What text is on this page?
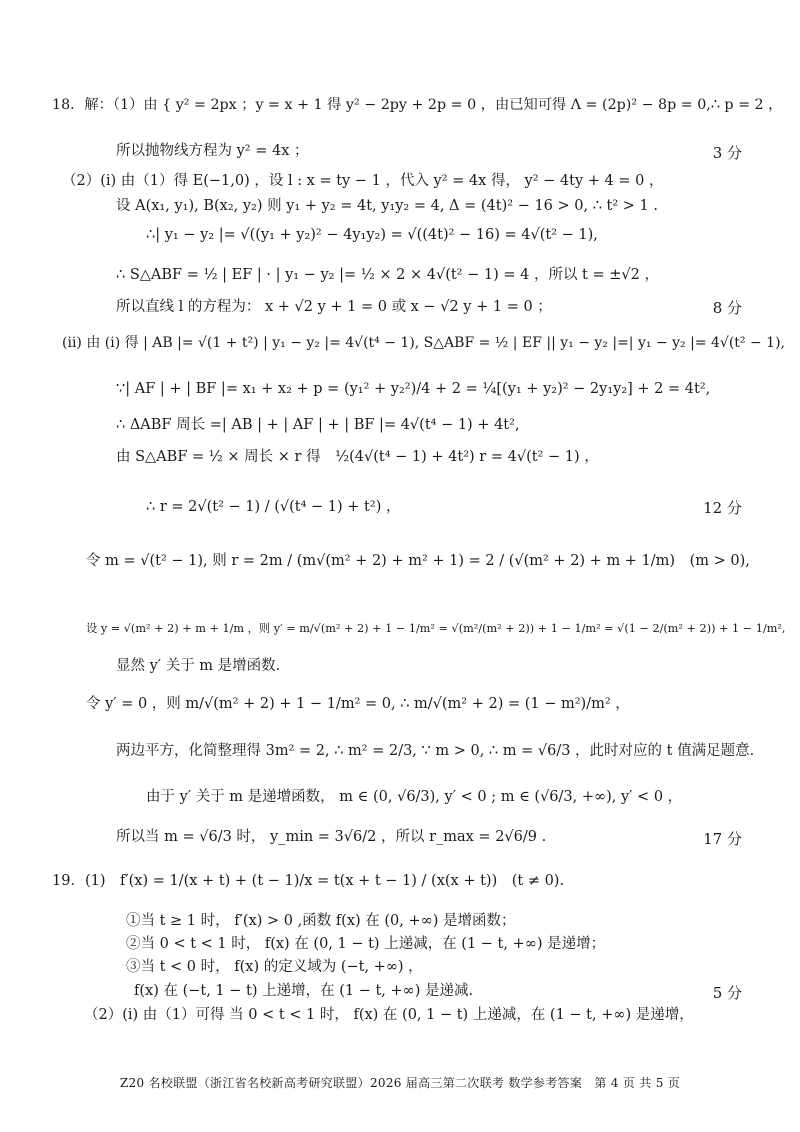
18．解：（1）由 { y² = 2px ；y = x + 1 得 y² − 2py + 2p = 0 ，由已知可得 Λ = (2p)² − 8p = 0,∴ p = 2 ，
所以抛物线方程为 y² = 4x ；	3 分
（2）(ⅰ) 由（1）得 E(−1,0) ，设 l : x = ty − 1 ，代入 y² = 4x 得， y² − 4ty + 4 = 0 ，
设 A(x₁, y₁), B(x₂, y₂) 则 y₁ + y₂ = 4t, y₁y₂ = 4, Δ = (4t)² − 16 > 0, ∴ t² > 1 .
∴| y₁ − y₂ |= √((y₁ + y₂)² − 4y₁y₂) = √((4t)² − 16) = 4√(t² − 1),
∴ S△ABF = ½ | EF | · | y₁ − y₂ |= ½ × 2 × 4√(t² − 1) = 4 ，所以 t = ±√2 ，
所以直线 l 的方程为： x + √2 y + 1 = 0 或 x − √2 y + 1 = 0 ；	8 分
(ⅱ) 由 (ⅰ) 得 | AB |= √(1 + t²) | y₁ − y₂ |= 4√(t⁴ − 1), S△ABF = ½ | EF || y₁ − y₂ |=| y₁ − y₂ |= 4√(t² − 1),
∵| AF | + | BF |= x₁ + x₂ + p = (y₁² + y₂²)/4 + 2 = ¼[(y₁ + y₂)² − 2y₁y₂] + 2 = 4t²,
∴ ΔABF 周长 =| AB | + | AF | + | BF |= 4√(t⁴ − 1) + 4t²,
由 S△ABF = ½ × 周长 × r 得　½(4√(t⁴ − 1) + 4t²) r = 4√(t² − 1) ，
∴ r = 2√(t² − 1) / (√(t⁴ − 1) + t²) ，	12 分
令 m = √(t² − 1), 则 r = 2m / (m√(m² + 2) + m² + 1) = 2 / (√(m² + 2) + m + 1/m)　(m > 0),
设 y = √(m² + 2) + m + 1/m ，则 y′ = m/√(m² + 2) + 1 − 1/m² = √(m²/(m² + 2)) + 1 − 1/m² = √(1 − 2/(m² + 2)) + 1 − 1/m²,
显然 y′ 关于 m 是增函数.
令 y′ = 0 ，则 m/√(m² + 2) + 1 − 1/m² = 0, ∴ m/√(m² + 2) = (1 − m²)/m² ，
两边平方，化简整理得 3m² = 2, ∴ m² = 2/3, ∵ m > 0, ∴ m = √6/3 ，此时对应的 t 值满足题意.
由于 y′ 关于 m 是递增函数， m ∈ (0, √6/3), y′ < 0 ; m ∈ (√6/3, +∞), y′ < 0 ，
所以当 m = √6/3 时， y_min = 3√6/2 ，所以 r_max = 2√6/9 .	17 分
19．(1)　f′(x) = 1/(x + t) + (t − 1)/x = t(x + t − 1) / (x(x + t))　(t ≠ 0).
①当 t ≥ 1 时， f′(x) > 0 ,函数 f(x) 在 (0, +∞) 是增函数；
②当 0 < t < 1 时， f(x) 在 (0, 1 − t) 上递减，在 (1 − t, +∞) 是递增；
③当 t < 0 时， f(x) 的定义域为 (−t, +∞) ，
f(x) 在 (−t, 1 − t) 上递增，在 (1 − t, +∞) 是递减.	5 分
（2）(ⅰ) 由（1）可得 当 0 < t < 1 时， f(x) 在 (0, 1 − t) 上递减，在 (1 − t, +∞) 是递增，
Z20 名校联盟（浙江省名校新高考研究联盟）2026 届高三第二次联考 数学参考答案　第 4 页 共 5 页
